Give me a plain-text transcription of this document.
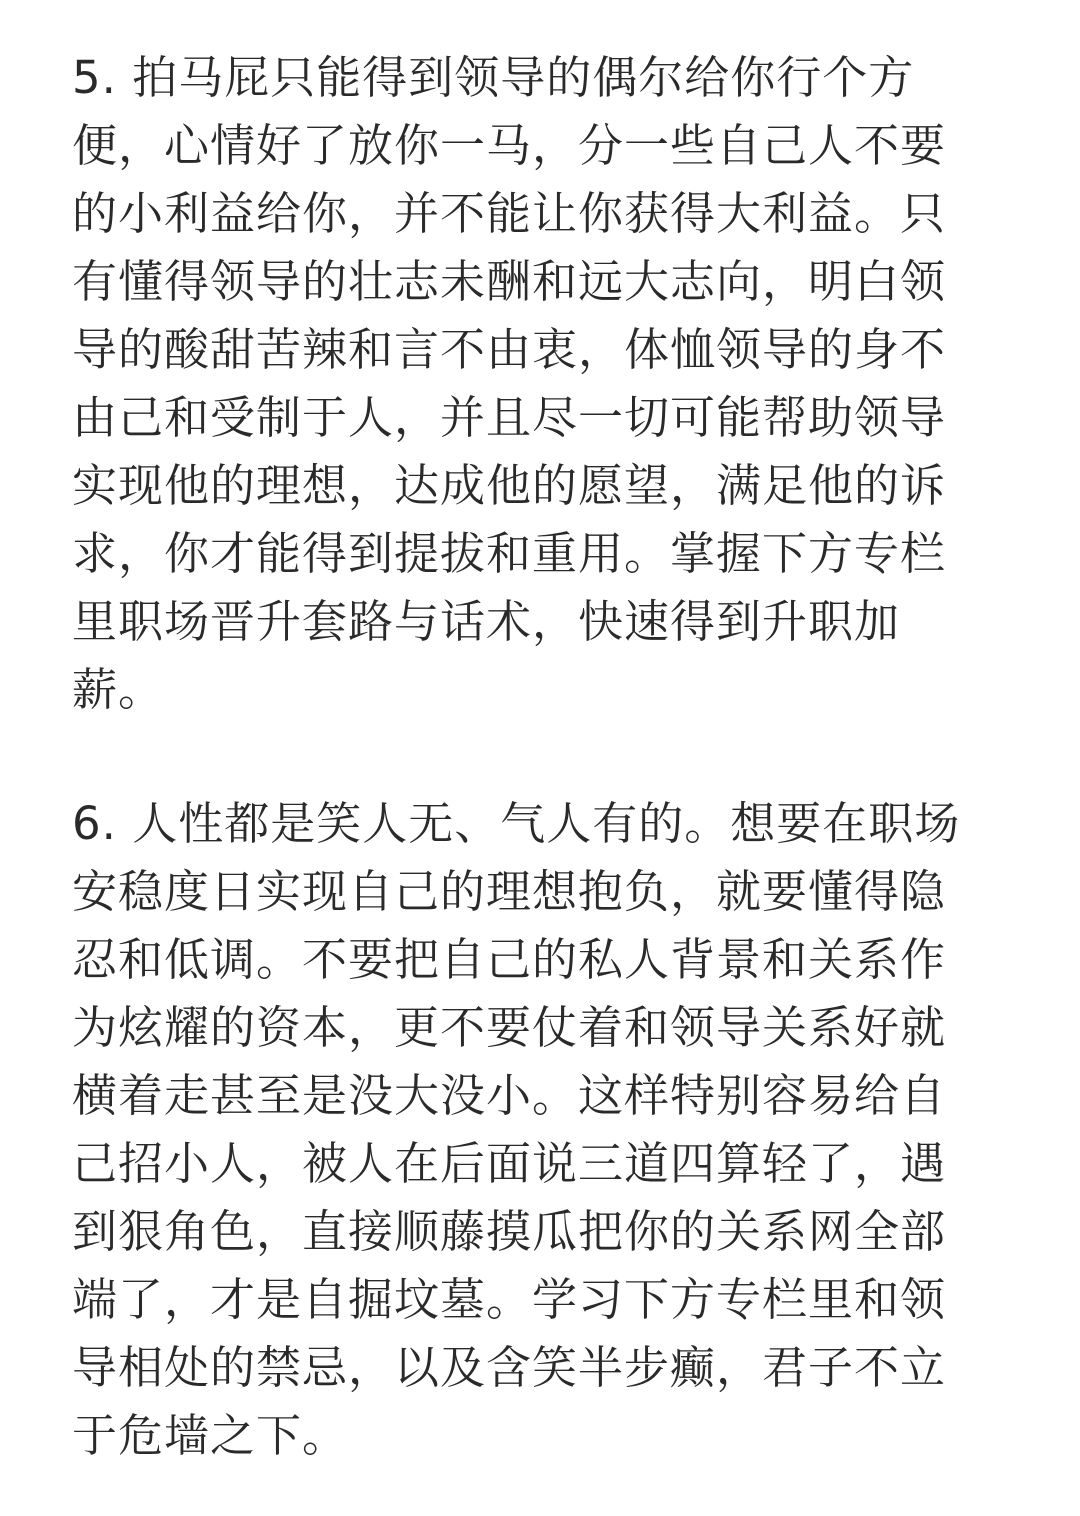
5. 拍马屁只能得到领导的偶尔给你行个方
便，心情好了放你一马，分一些自己人不要
的小利益给你，并不能让你获得大利益。只
有懂得领导的壮志未酬和远大志向，明白领
导的酸甜苦辣和言不由衷，体恤领导的身不
由己和受制于人，并且尽一切可能帮助领导
实现他的理想，达成他的愿望，满足他的诉
求，你才能得到提拔和重用。掌握下方专栏
里职场晋升套路与话术，快速得到升职加
薪。

6. 人性都是笑人无、气人有的。想要在职场
安稳度日实现自己的理想抱负，就要懂得隐
忍和低调。不要把自己的私人背景和关系作
为炫耀的资本，更不要仗着和领导关系好就
横着走甚至是没大没小。这样特别容易给自
己招小人，被人在后面说三道四算轻了，遇
到狠角色，直接顺藤摸瓜把你的关系网全部
端了，才是自掘坟墓。学习下方专栏里和领
导相处的禁忌，以及含笑半步癫，君子不立
于危墙之下。
